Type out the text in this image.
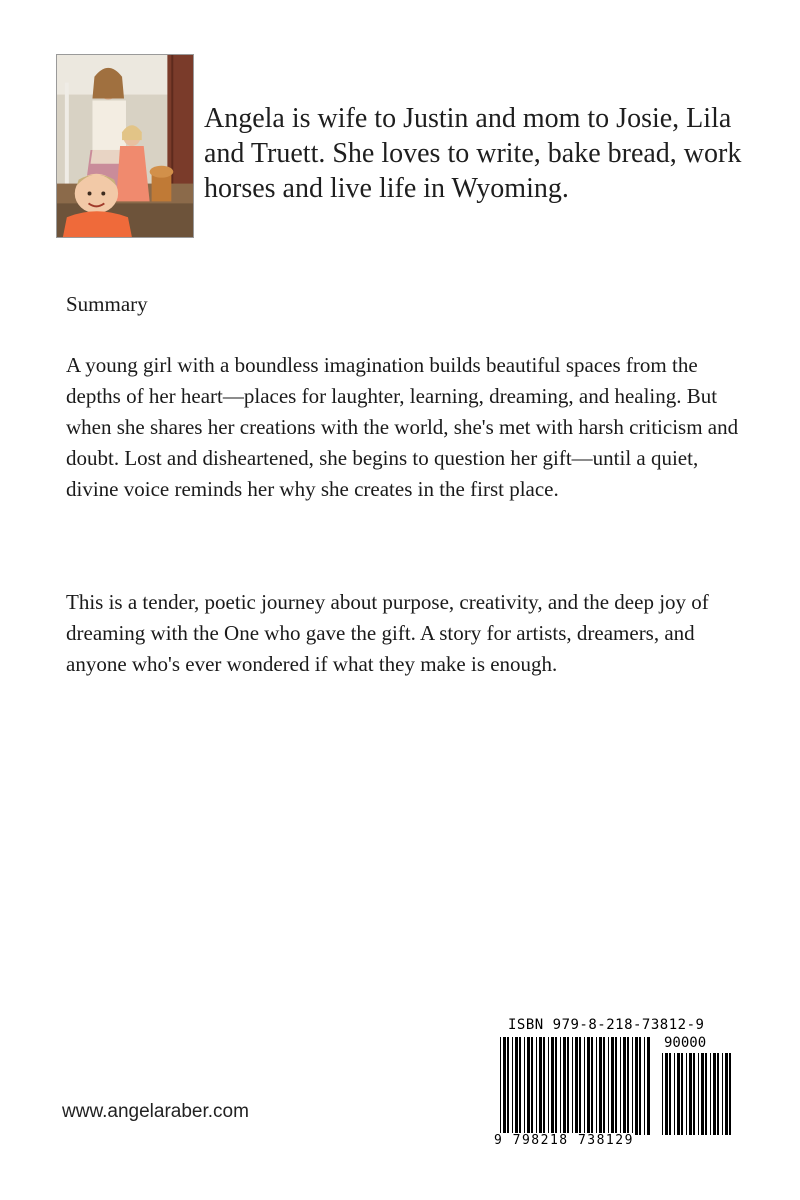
Angela is wife to Justin and mom to Josie, Lila and Truett. She loves to write, bake bread, work horses and live life in Wyoming.

Summary

A young girl with a boundless imagination builds beautiful spaces from the depths of her heart—places for laughter, learning, dreaming, and healing. But when she shares her creations with the world, she's met with harsh criticism and doubt. Lost and disheartened, she begins to question her gift—until a quiet, divine voice reminds her why she creates in the first place.

This is a tender, poetic journey about purpose, creativity, and the deep joy of dreaming with the One who gave the gift. A story for artists, dreamers, and anyone who's ever wondered if what they make is enough.

www.angelaraber.com
ISBN 979-8-218-73812-9
90000
9 798218 738129
